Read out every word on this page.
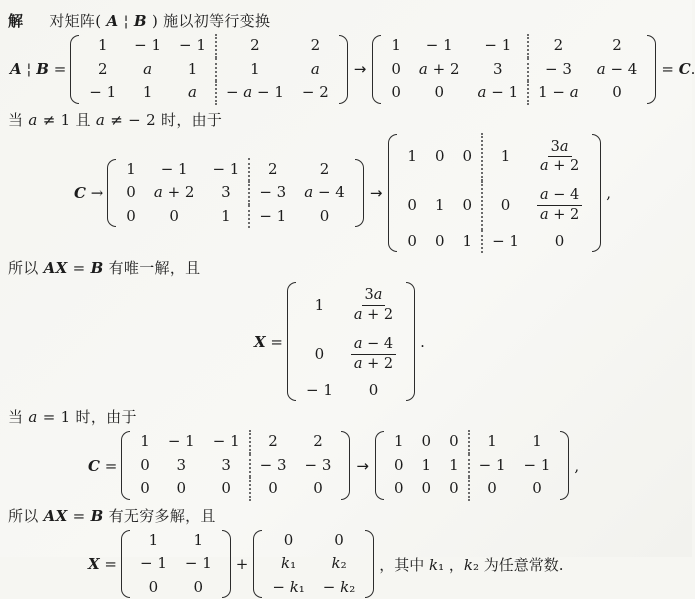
解 对矩阵( A ¦ B ) 施以初等行变换
A ¦ B =
1	− 1	− 1	2	2
2	a	1	1	a
− 1	1	a	− a − 1	− 2
→
1	− 1	− 1	2	2
0	a + 2	3	− 3	a − 4
0	0	a − 1	1 − a	0
= C.
当 a ≠ 1 且 a ≠ − 2 时，由于
C →
1	− 1	− 1	2	2
0	a + 2	3	− 3	a − 4
0	0	1	− 1	0
→
1	0	0	1	$\frac{3a}{a + 2}$

0	1	0	0	$\frac{a - 4}{a + 2}$

0	0	1	− 1	0
,
所以 AX = B 有唯一解，且
X =
1	$\frac{3a}{a + 2}$

0	$\frac{a - 4}{a + 2}$

− 1	0
.
当 a = 1 时，由于
C =
1	− 1	− 1	2	2
0	3	3	− 3	− 3
0	0	0	0	0
→
1	0	0	1	1
0	1	1	− 1	− 1
0	0	0	0	0
,
所以 AX = B 有无穷多解，且
X =
1	1
− 1	− 1
0	0
+
0	0
k₁	k₂
− k₁	− k₂
，其中 k₁ ，k₂ 为任意常数.
